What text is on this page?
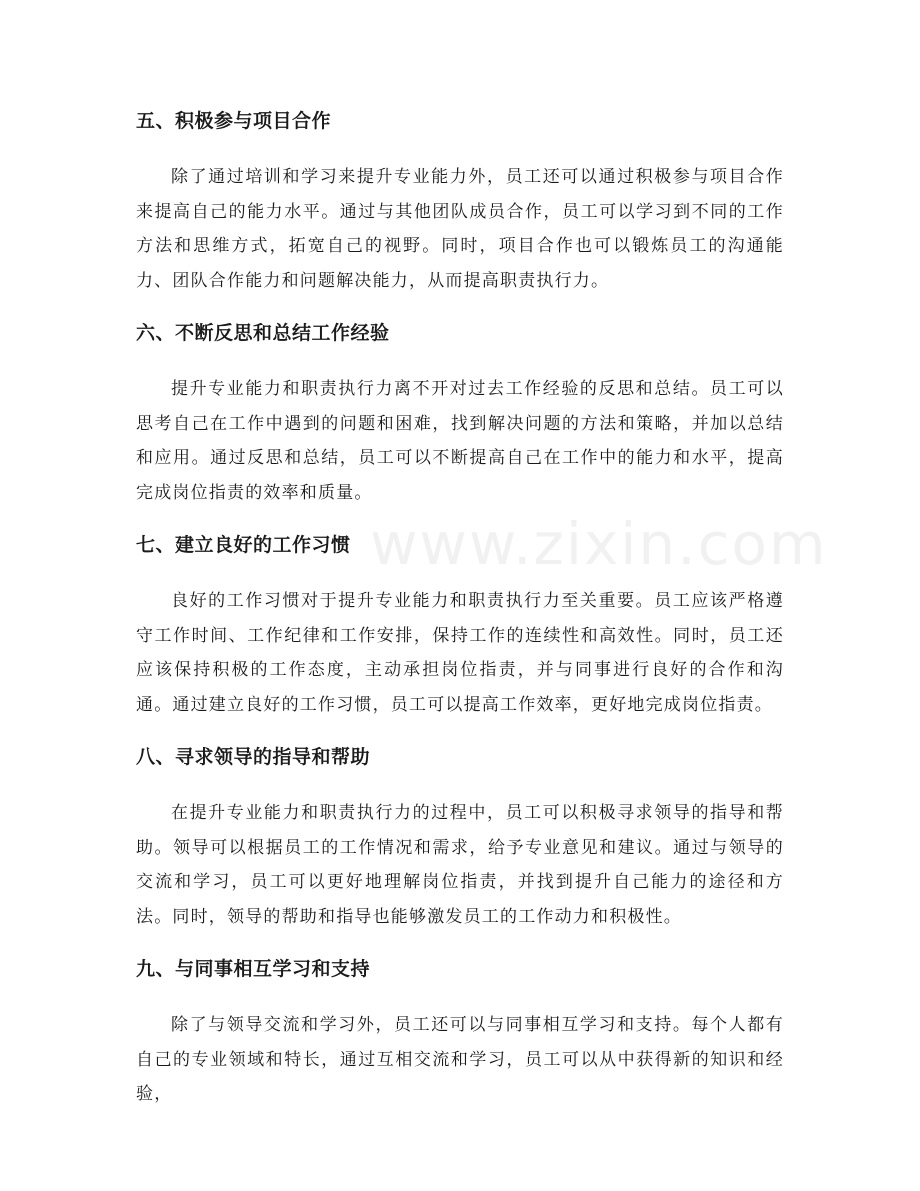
www.zixin.com
五、积极参与项目合作
除了通过培训和学习来提升专业能力外，员工还可以通过积极参与项目合作来提高自己的能力水平。通过与其他团队成员合作，员工可以学习到不同的工作方法和思维方式，拓宽自己的视野。同时，项目合作也可以锻炼员工的沟通能力、团队合作能力和问题解决能力，从而提高职责执行力。
六、不断反思和总结工作经验
提升专业能力和职责执行力离不开对过去工作经验的反思和总结。员工可以思考自己在工作中遇到的问题和困难，找到解决问题的方法和策略，并加以总结和应用。通过反思和总结，员工可以不断提高自己在工作中的能力和水平，提高完成岗位指责的效率和质量。
七、建立良好的工作习惯
良好的工作习惯对于提升专业能力和职责执行力至关重要。员工应该严格遵守工作时间、工作纪律和工作安排，保持工作的连续性和高效性。同时，员工还应该保持积极的工作态度，主动承担岗位指责，并与同事进行良好的合作和沟通。通过建立良好的工作习惯，员工可以提高工作效率，更好地完成岗位指责。
八、寻求领导的指导和帮助
在提升专业能力和职责执行力的过程中，员工可以积极寻求领导的指导和帮助。领导可以根据员工的工作情况和需求，给予专业意见和建议。通过与领导的交流和学习，员工可以更好地理解岗位指责，并找到提升自己能力的途径和方法。同时，领导的帮助和指导也能够激发员工的工作动力和积极性。
九、与同事相互学习和支持
除了与领导交流和学习外，员工还可以与同事相互学习和支持。每个人都有自己的专业领域和特长，通过互相交流和学习，员工可以从中获得新的知识和经验，
